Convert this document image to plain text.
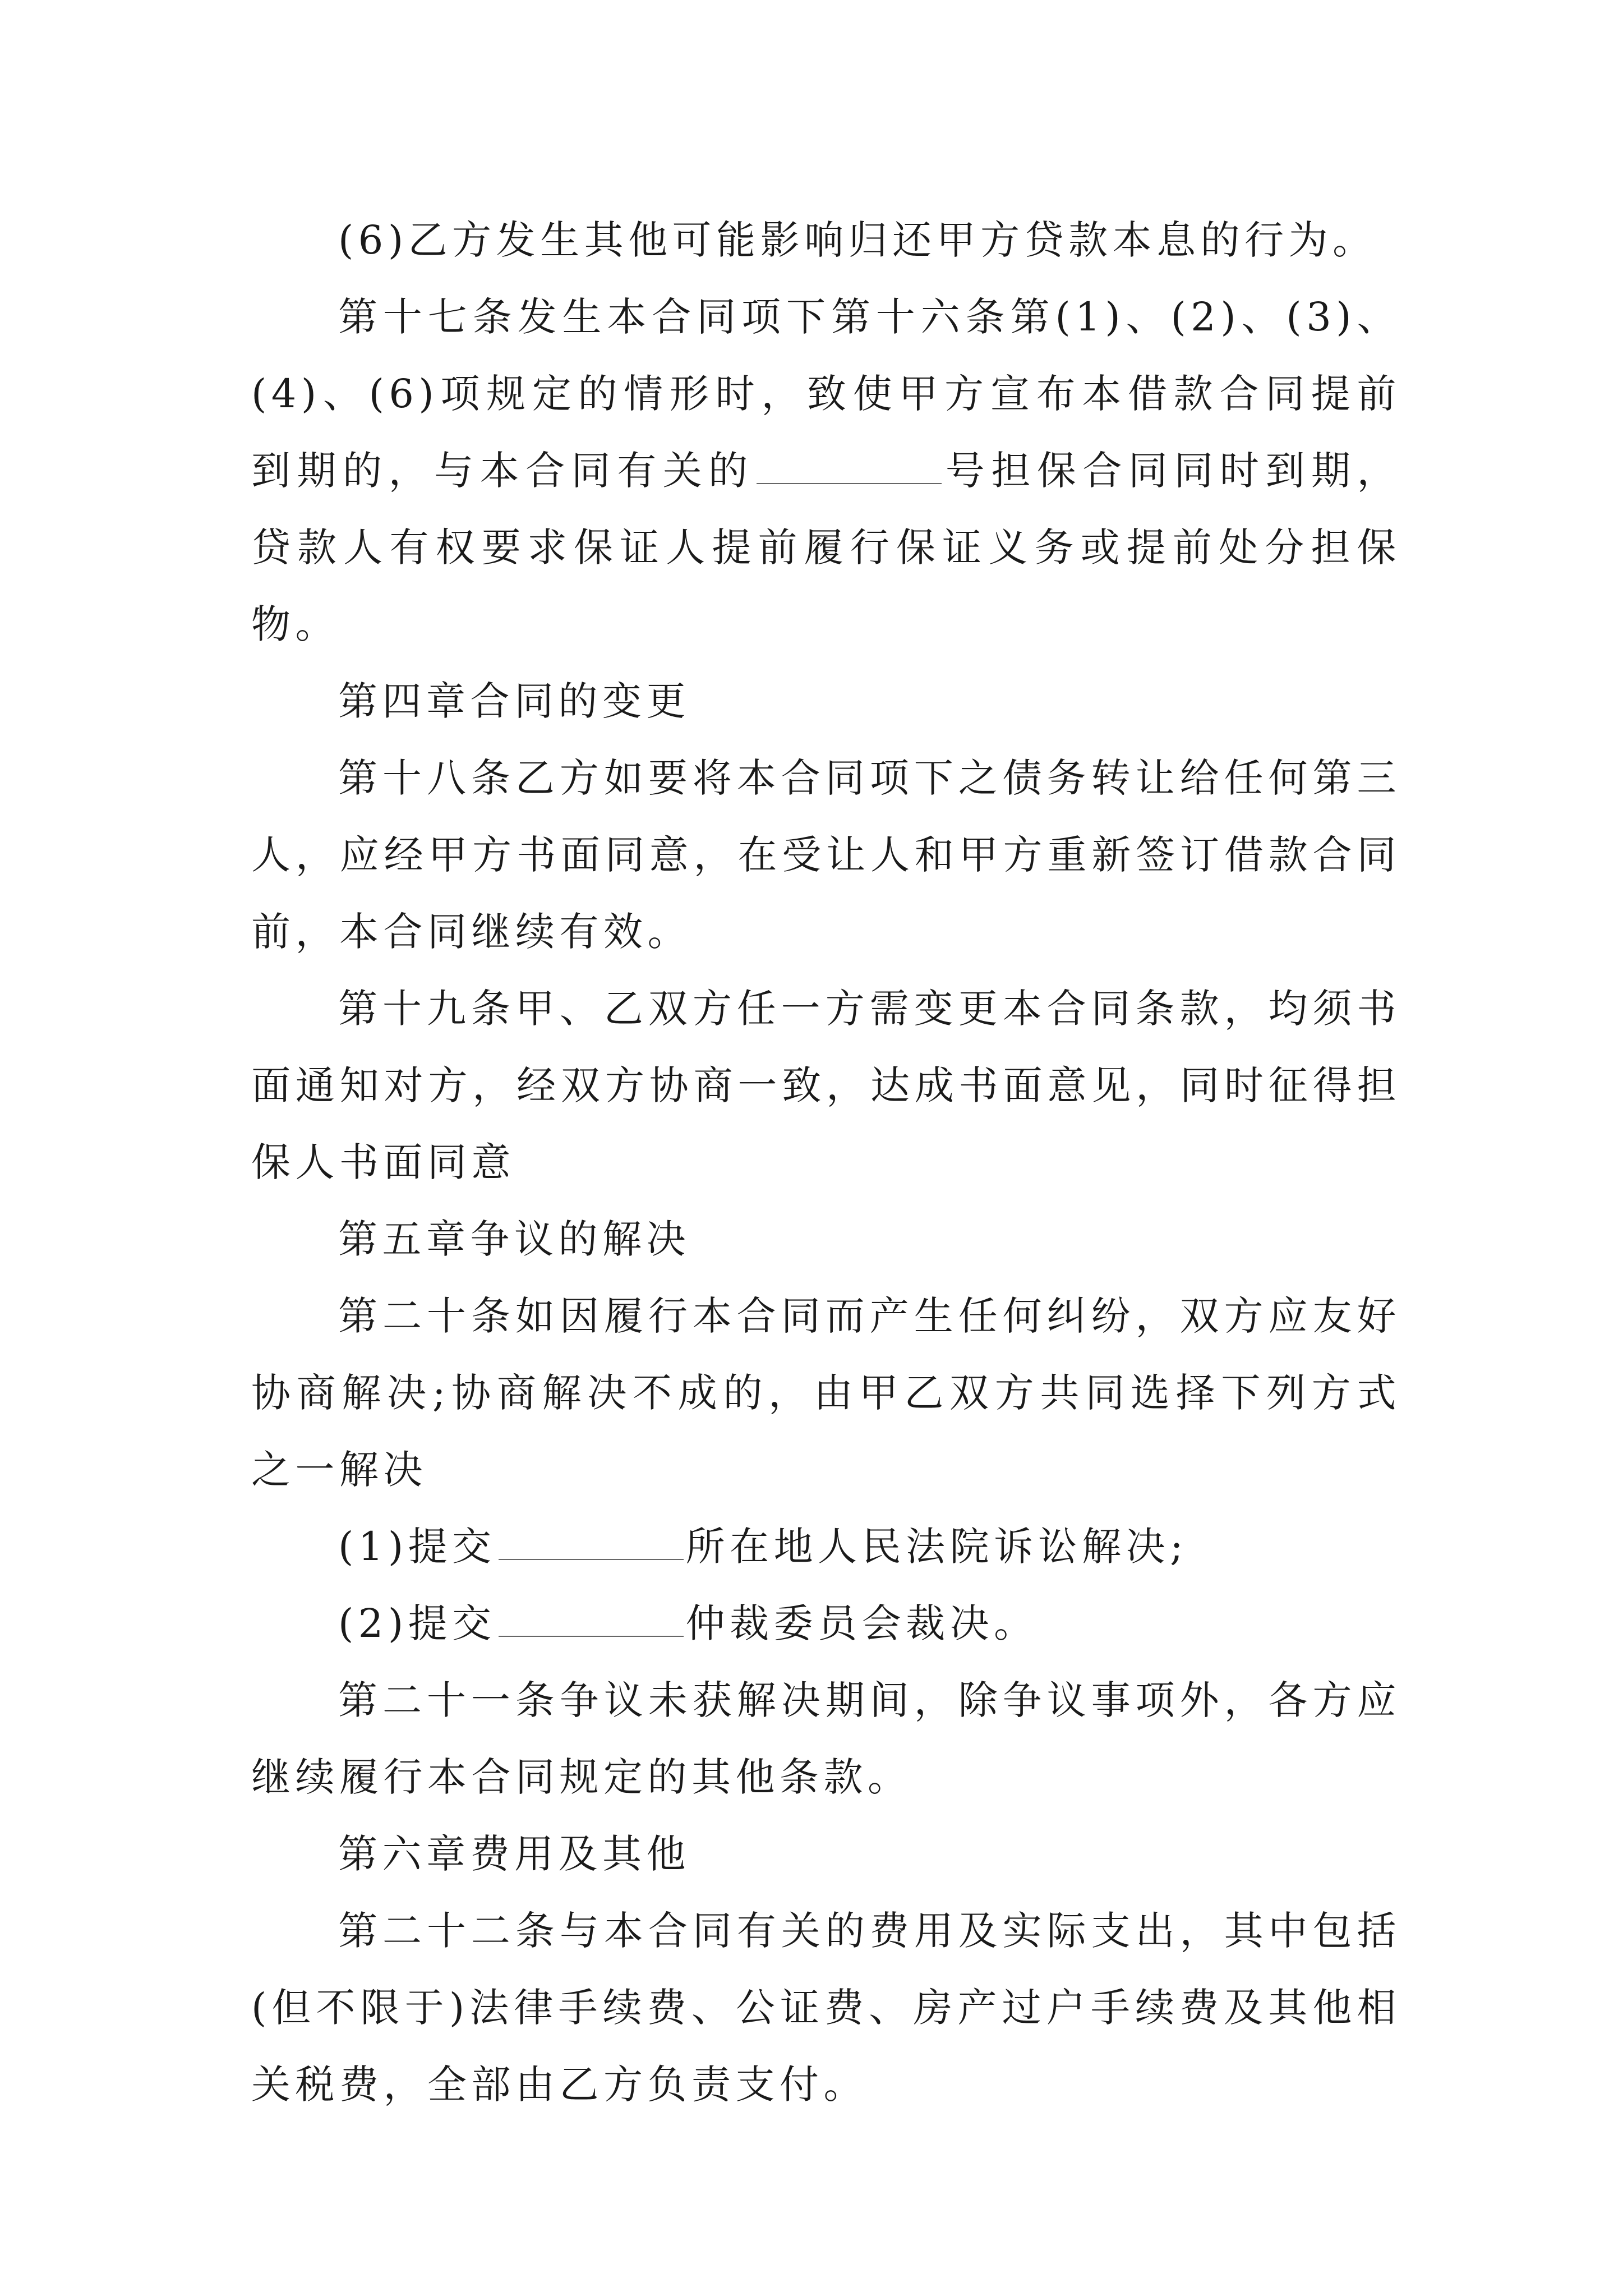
(6)乙方发生其他可能影响归还甲方贷款本息的行为。

第十七条发生本合同项下第十六条第(1)、(2)、(3)、(4)、(6)项规定的情形时，致使甲方宣布本借款合同提前到期的，与本合同有关的	号担保合同同时到期，贷款人有权要求保证人提前履行保证义务或提前处分担保物。

第四章合同的变更

第十八条乙方如要将本合同项下之债务转让给任何第三人，应经甲方书面同意，在受让人和甲方重新签订借款合同前，本合同继续有效。

第十九条甲、乙双方任一方需变更本合同条款，均须书面通知对方，经双方协商一致，达成书面意见，同时征得担保人书面同意

第五章争议的解决

第二十条如因履行本合同而产生任何纠纷，双方应友好协商解决;协商解决不成的，由甲乙双方共同选择下列方式之一解决

(1)提交	所在地人民法院诉讼解决;

(2)提交	仲裁委员会裁决。

第二十一条争议未获解决期间，除争议事项外，各方应继续履行本合同规定的其他条款。

第六章费用及其他

第二十二条与本合同有关的费用及实际支出，其中包括(但不限于)法律手续费、公证费、房产过户手续费及其他相关税费，全部由乙方负责支付。
